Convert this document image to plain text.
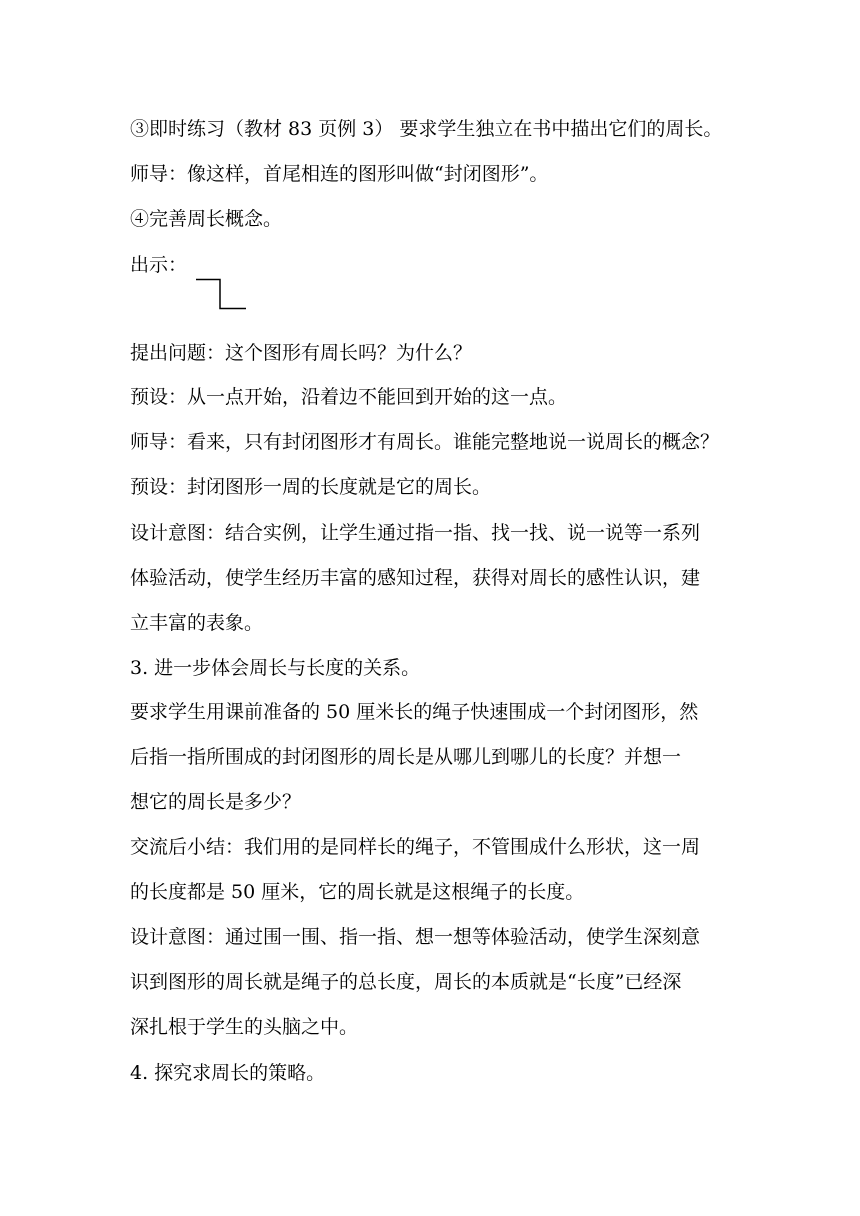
③即时练习（教材 83 页例 3） 要求学生独立在书中描出它们的周长。
师导：像这样，首尾相连的图形叫做“封闭图形”。
④完善周长概念。
出示：
提出问题：这个图形有周长吗？为什么？
预设：从一点开始，沿着边不能回到开始的这一点。
师导：看来，只有封闭图形才有周长。谁能完整地说一说周长的概念？
预设：封闭图形一周的长度就是它的周长。
设计意图：结合实例，让学生通过指一指、找一找、说一说等一系列
体验活动，使学生经历丰富的感知过程，获得对周长的感性认识，建
立丰富的表象。
3. 进一步体会周长与长度的关系。
要求学生用课前准备的 50 厘米长的绳子快速围成一个封闭图形，然
后指一指所围成的封闭图形的周长是从哪儿到哪儿的长度？并想一
想它的周长是多少？
交流后小结：我们用的是同样长的绳子，不管围成什么形状，这一周
的长度都是 50 厘米，它的周长就是这根绳子的长度。
设计意图：通过围一围、指一指、想一想等体验活动，使学生深刻意
识到图形的周长就是绳子的总长度，周长的本质就是“长度”已经深
深扎根于学生的头脑之中。
4. 探究求周长的策略。
